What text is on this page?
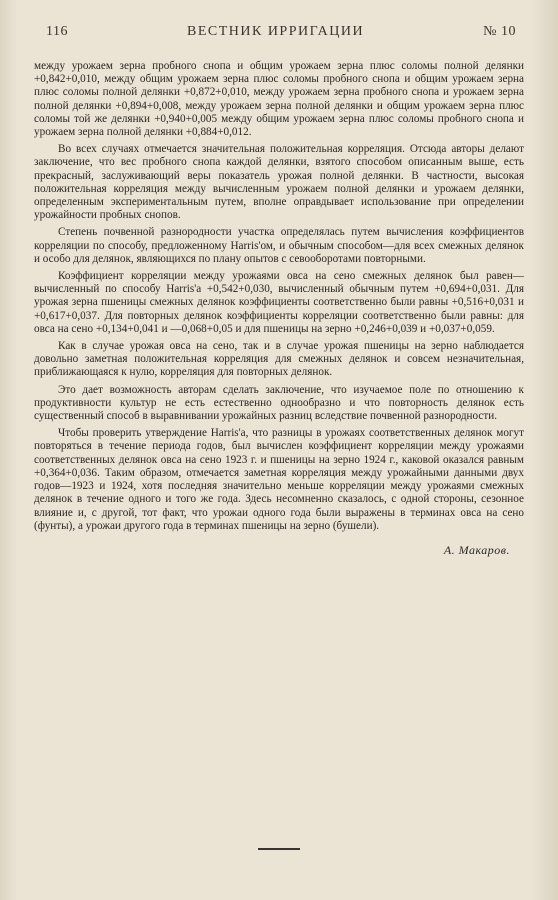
116	ВЕСТНИК ИРРИГАЦИИ	№ 10

между урожаем зерна пробного снопа и общим урожаем зерна плюс соломы полной делянки +0,842+0,010, между общим урожаем зерна плюс соломы пробного снопа и общим урожаем зерна плюс соломы полной делянки +0,872+0,010, между урожаем зерна пробного снопа и урожаем зерна полной делянки +0,894+0,008, между урожаем зерна полной делянки и общим урожаем зерна плюс соломы той же делянки +0,940+0,005 между общим урожаем зерна плюс соломы пробного снопа и урожаем зерна полной делянки +0,884+0,012.

Во всех случаях отмечается значительная положительная корреляция. Отсюда авторы делают заключение, что вес пробного снопа каждой делянки, взятого способом описанным выше, есть прекрасный, заслуживающий веры показатель урожая полной делянки. В частности, высокая положительная корреляция между вычисленным урожаем полной делянки и урожаем делянки, определенным экспериментальным путем, вполне оправдывает использование при определении урожайности пробных снопов.

Степень почвенной разнородности участка определялась путем вычисления коэффициентов корреляции по способу, предложенному Harris'ом, и обычным способом—для всех смежных делянок и особо для делянок, являющихся по плану опытов с севооборотами повторными.

Коэффициент корреляции между урожаями овса на сено смежных делянок был равен—вычисленный по способу Harris'a +0,542+0,030, вычисленный обычным путем +0,694+0,031. Для урожая зерна пшеницы смежных делянок коэффициенты соответственно были равны +0,516+0,031 и +0,617+0,037. Для повторных делянок коэффициенты корреляции соответственно были равны: для овса на сено +0,134+0,041 и —0,068+0,05 и для пшеницы на зерно +0,246+0,039 и +0,037+0,059.

Как в случае урожая овса на сено, так и в случае урожая пшеницы на зерно наблюдается довольно заметная положительная корреляция для смежных делянок и совсем незначительная, приближающаяся к нулю, корреляция для повторных делянок.

Это дает возможность авторам сделать заключение, что изучаемое поле по отношению к продуктивности культур не есть естественно однообразно и что повторность делянок есть существенный способ в выравнивании урожайных разниц вследствие почвенной разнородности.

Чтобы проверить утверждение Harris'a, что разницы в урожаях соответственных делянок могут повторяться в течение периода годов, был вычислен коэффициент корреляции между урожаями соответственных делянок овса на сено 1923 г. и пшеницы на зерно 1924 г., каковой оказался равным +0,364+0,036. Таким образом, отмечается заметная корреляция между урожайными данными двух годов—1923 и 1924, хотя последняя значительно меньше корреляции между урожаями смежных делянок в течение одного и того же года. Здесь несомненно сказалось, с одной стороны, сезонное влияние и, с другой, тот факт, что урожаи одного года были выражены в терминах овса на сено (фунты), а урожаи другого года в терминах пшеницы на зерно (бушели).

А. Макаров.
